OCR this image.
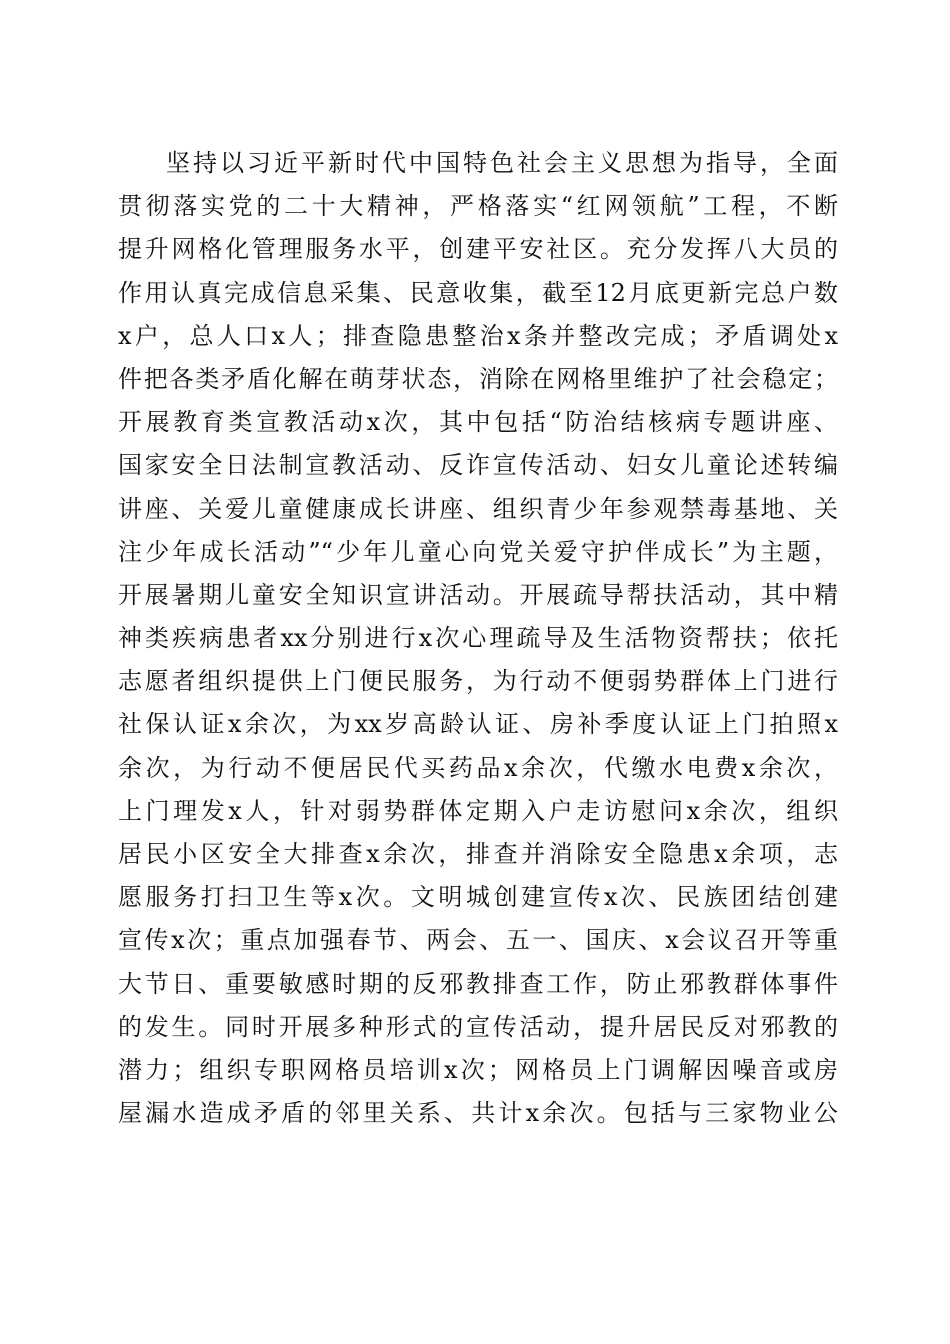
坚持以习近平新时代中国特色社会主义思想为指导，全面
贯彻落实党的二十大精神，严格落实“红网领航”工程，不断
提升网格化管理服务水平，创建平安社区。充分发挥八大员的
作用认真完成信息采集、民意收集，截至12月底更新完总户数
x户，总人口x人；排查隐患整治x条并整改完成；矛盾调处x
件把各类矛盾化解在萌芽状态，消除在网格里维护了社会稳定；
开展教育类宣教活动x次，其中包括“防治结核病专题讲座、
国家安全日法制宣教活动、反诈宣传活动、妇女儿童论述转编
讲座、关爱儿童健康成长讲座、组织青少年参观禁毒基地、关
注少年成长活动”“少年儿童心向党关爱守护伴成长”为主题，
开展暑期儿童安全知识宣讲活动。开展疏导帮扶活动，其中精
神类疾病患者xx分别进行x次心理疏导及生活物资帮扶；依托
志愿者组织提供上门便民服务，为行动不便弱势群体上门进行
社保认证x余次，为xx岁高龄认证、房补季度认证上门拍照x
余次，为行动不便居民代买药品x余次，代缴水电费x余次，
上门理发x人，针对弱势群体定期入户走访慰问x余次，组织
居民小区安全大排查x余次，排查并消除安全隐患x余项，志
愿服务打扫卫生等x次。文明城创建宣传x次、民族团结创建
宣传x次；重点加强春节、两会、五一、国庆、x会议召开等重
大节日、重要敏感时期的反邪教排查工作，防止邪教群体事件
的发生。同时开展多种形式的宣传活动，提升居民反对邪教的
潜力；组织专职网格员培训x次；网格员上门调解因噪音或房
屋漏水造成矛盾的邻里关系、共计x余次。包括与三家物业公
